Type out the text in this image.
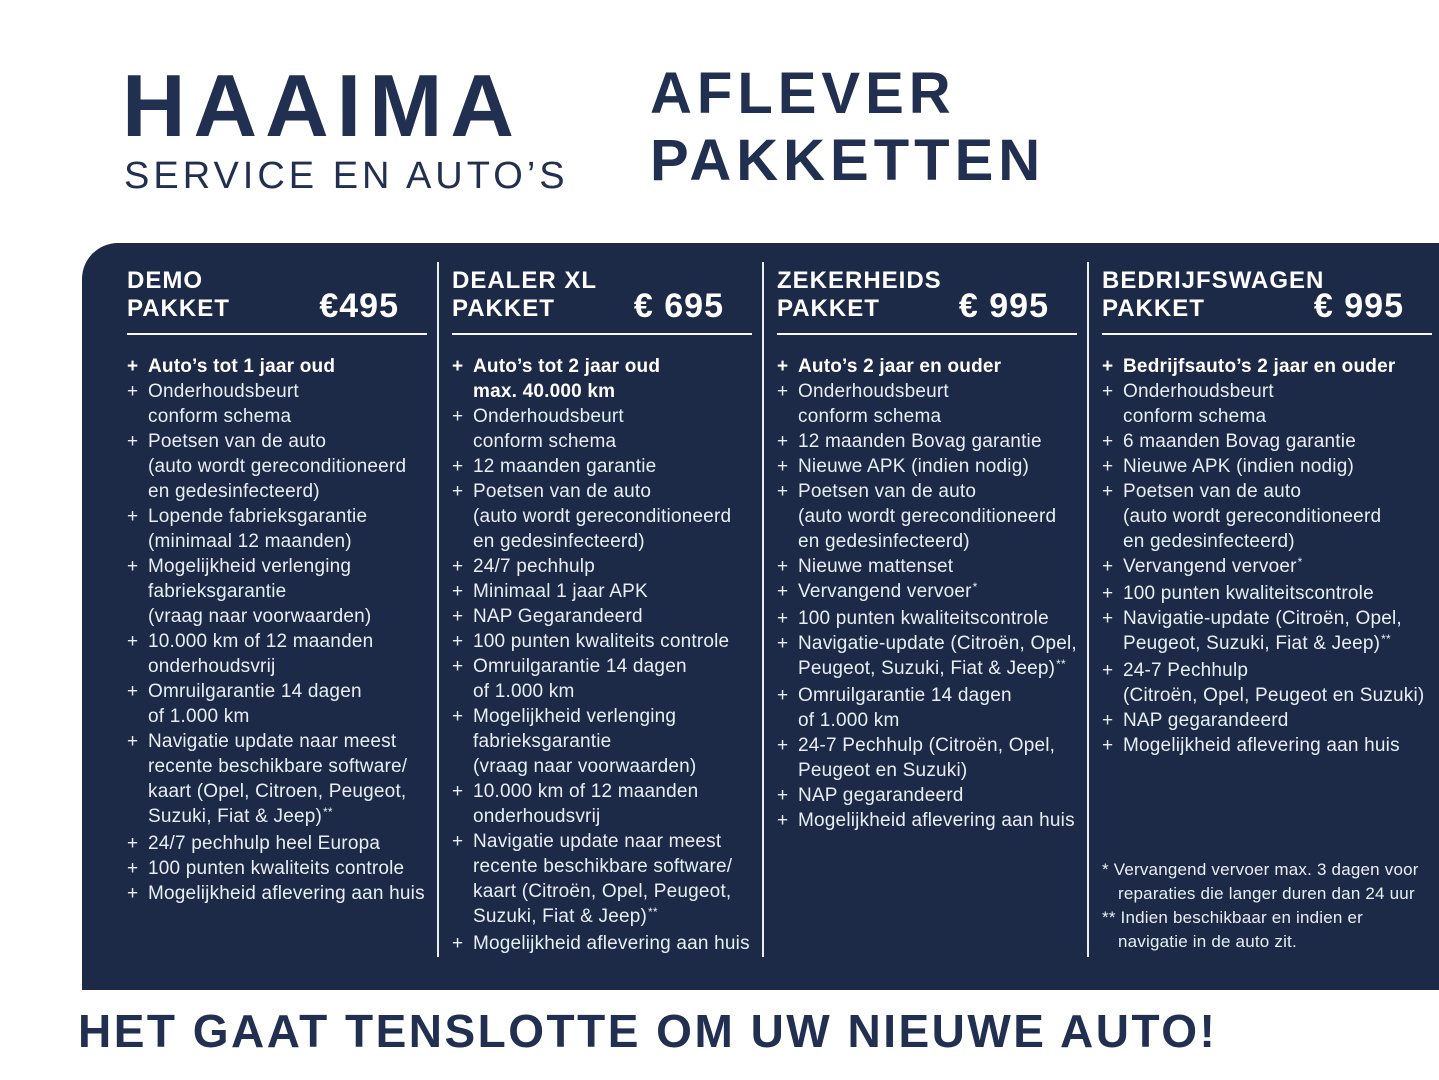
HAAIMA
SERVICE EN AUTO’S
AFLEVER
PAKKETTEN
DEMO
PAKKET	€495
+ Auto’s tot 1 jaar oud
+ Onderhoudsbeurt
conform schema
+ Poetsen van de auto
(auto wordt gereconditioneerd
en gedesinfecteerd)
+ Lopende fabrieksgarantie
(minimaal 12 maanden)
+ Mogelijkheid verlenging
fabrieksgarantie
(vraag naar voorwaarden)
+ 10.000 km of 12 maanden
onderhoudsvrij
+ Omruilgarantie 14 dagen
of 1.000 km
+ Navigatie update naar meest
recente beschikbare software/
kaart (Opel, Citroen, Peugeot,
Suzuki, Fiat & Jeep)**
+ 24/7 pechhulp heel Europa
+ 100 punten kwaliteits controle
+ Mogelijkheid aflevering aan huis
DEALER XL
PAKKET	€ 695
+ Auto’s tot 2 jaar oud
max. 40.000 km
+ Onderhoudsbeurt
conform schema
+ 12 maanden garantie
+ Poetsen van de auto
(auto wordt gereconditioneerd
en gedesinfecteerd)
+ 24/7 pechhulp
+ Minimaal 1 jaar APK
+ NAP Gegarandeerd
+ 100 punten kwaliteits controle
+ Omruilgarantie 14 dagen
of 1.000 km
+ Mogelijkheid verlenging
fabrieksgarantie
(vraag naar voorwaarden)
+ 10.000 km of 12 maanden
onderhoudsvrij
+ Navigatie update naar meest
recente beschikbare software/
kaart (Citroën, Opel, Peugeot,
Suzuki, Fiat & Jeep)**
+ Mogelijkheid aflevering aan huis
ZEKERHEIDS
PAKKET	€ 995
+ Auto’s 2 jaar en ouder
+ Onderhoudsbeurt
conform schema
+ 12 maanden Bovag garantie
+ Nieuwe APK (indien nodig)
+ Poetsen van de auto
(auto wordt gereconditioneerd
en gedesinfecteerd)
+ Nieuwe mattenset
+ Vervangend vervoer*
+ 100 punten kwaliteitscontrole
+ Navigatie-update (Citroën, Opel,
Peugeot, Suzuki, Fiat & Jeep)**
+ Omruilgarantie 14 dagen
of 1.000 km
+ 24-7 Pechhulp (Citroën, Opel,
Peugeot en Suzuki)
+ NAP gegarandeerd
+ Mogelijkheid aflevering aan huis
BEDRIJFSWAGEN
PAKKET	€ 995
+ Bedrijfsauto’s 2 jaar en ouder
+ Onderhoudsbeurt
conform schema
+ 6 maanden Bovag garantie
+ Nieuwe APK (indien nodig)
+ Poetsen van de auto
(auto wordt gereconditioneerd
en gedesinfecteerd)
+ Vervangend vervoer*
+ 100 punten kwaliteitscontrole
+ Navigatie-update (Citroën, Opel,
Peugeot, Suzuki, Fiat & Jeep)**
+ 24-7 Pechhulp
(Citroën, Opel, Peugeot en Suzuki)
+ NAP gegarandeerd
+ Mogelijkheid aflevering aan huis
* Vervangend vervoer max. 3 dagen voor
reparaties die langer duren dan 24 uur
** Indien beschikbaar en indien er
navigatie in de auto zit.
HET GAAT TENSLOTTE OM UW NIEUWE AUTO!
